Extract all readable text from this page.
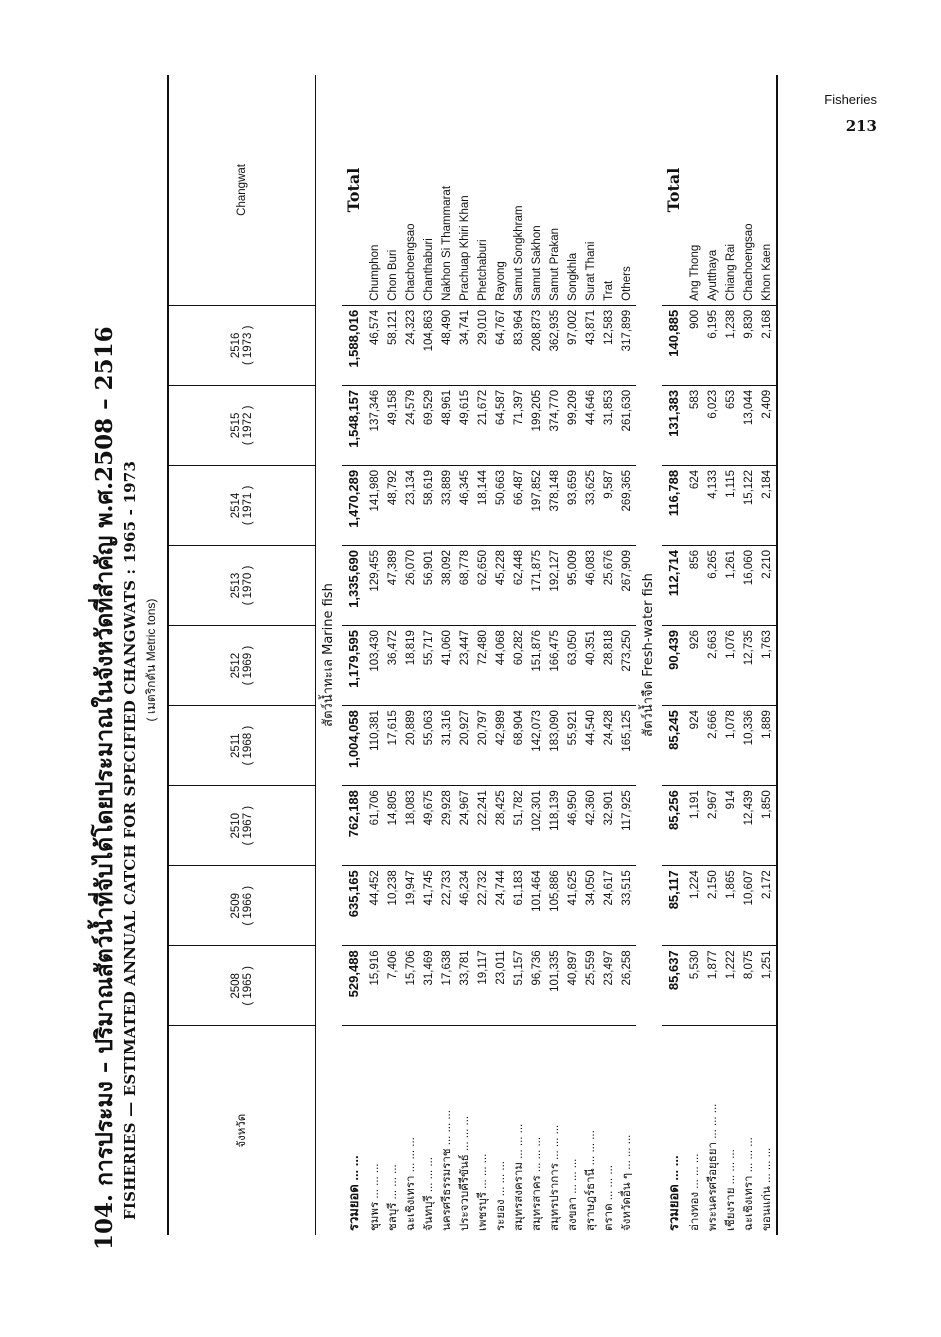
Fisheries
213
104. การประมง – ปริมาณสัตว์น้ำที่จับได้โดยประมาณในจังหวัดที่สำคัญ พ.ศ.2508 – 2516 FISHERIES — ESTIMATED ANNUAL CATCH FOR SPECIFIED CHANGWATS : 1965 - 1973 ( เมตริกตัน Metric tons)
จังหวัด	2508 ( 1965 )	2509 ( 1966 )	2510 ( 1967 )	2511 ( 1968 )	2512 ( 1969 )	2513 ( 1970 )	2514 ( 1971 )	2515 ( 1972 )	2516 ( 1973 )	Changwat
สัตว์น้ำทะเล Marine fish										
รวมยอด ... ...	529,488	635,165	762,188	1,004,058	1,179,595	1,335,690	1,470,289	1,548,157	1,588,016	Total
ชุมพร ... ... ...	15,916	44,452	61,706	110,381	103,430	129,455	141,980	137,346	46,574	Chumphon
ชลบุรี ... ... ...	7,406	10,238	14,805	17,615	36,472	47,389	48,792	49,158	58,121	Chon Buri
ฉะเชิงเทรา ... ... ...	15,706	19,947	18,083	20,889	18,819	26,070	23,134	24,579	24,323	Chachoengsao
จันทบุรี ... ... ...	31,469	41,745	49,675	55,063	55,717	56,901	58,619	69,529	104,863	Chanthaburi
นครศรีธรรมราช ... ... ...	17,638	22,733	29,928	31,316	41,060	38,092	33,889	48,961	48,490	Nakhon Si Thammarat
ประจวบคีรีขันธ์ ... ... ...	33,781	46,234	24,967	20,927	23,447	68,778	46,345	49,615	34,741	Prachuap Khiri Khan
เพชรบุรี ... ... ...	19,117	22,732	22,241	20,797	72,480	62,650	18,144	21,672	29,010	Phetchaburi
ระยอง ... ... ...	23,011	24,744	28,425	42,989	44,068	45,228	50,663	64,587	64,767	Rayong
สมุทรสงคราม ... ... ...	51,157	61,183	51,782	68,904	60,282	62,448	66,487	71,397	83,964	Samut Songkhram
สมุทรสาคร ... ... ...	96,736	101,464	102,301	142,073	151,876	171,875	197,852	199,205	208,873	Samut Sakhon
สมุทรปราการ ... ... ...	101,335	105,886	118,139	183,090	166,475	192,127	378,148	374,770	362,935	Samut Prakan
สงขลา ... ... ...	40,897	41,625	46,950	55,921	63,050	95,009	93,659	99,209	97,002	Songkhla
สุราษฎร์ธานี ... ... ...	25,559	34,050	42,360	44,540	40,351	46,083	33,625	44,646	43,871	Surat Thani
ตราด ... ... ...	23,497	24,617	32,901	24,428	28,818	25,676	9,587	31,853	12,583	Trat
จังหวัดอื่น ๆ ... ... ...	26,258	33,515	117,925	165,125	273,250	267,909	269,365	261,630	317,899	Others
สัตว์น้ำจืด Fresh-water fish										
รวมยอด ... ...	85,637	85,117	85,256	85,245	90,439	112,714	116,788	131,383	140,885	Total
อ่างทอง ... ... ...	5,530	1,224	1,191	924	926	856	624	583	900	Ang Thong
พระนครศรีอยุธยา ... ... ...	1,877	2,150	2,967	2,666	2,663	6,265	4,133	6,023	6,195	Ayutthaya
เชียงราย ... ... ...	1,222	1,865	914	1,078	1,076	1,261	1,115	653	1,238	Chiang Rai
ฉะเชิงเทรา ... ... ...	8,075	10,607	12,439	10,336	12,735	16,060	15,122	13,044	9,830	Chachoengsao
ขอนแก่น ... ... ...	1,251	2,172	1,850	1,889	1,763	2,210	2,184	2,409	2,168	Khon Kaen
